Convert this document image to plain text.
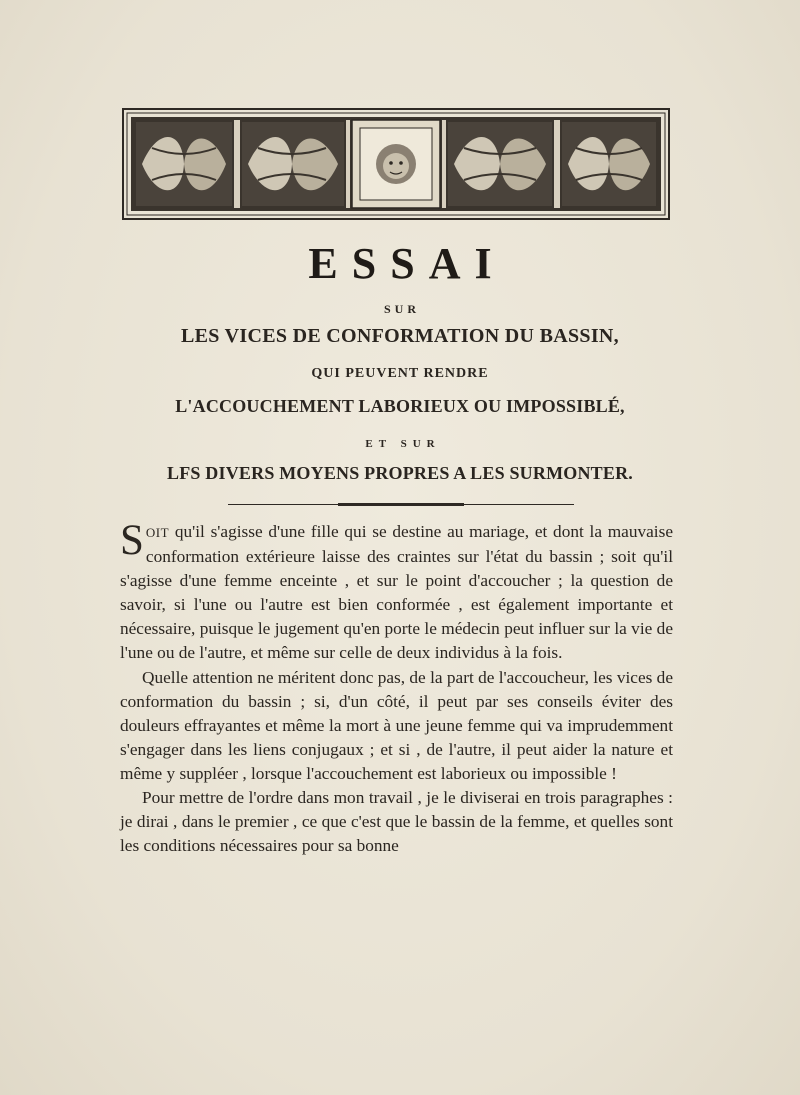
ESSAI
SUR
LES VICES DE CONFORMATION DU BASSIN,
QUI PEUVENT RENDRE
L'ACCOUCHEMENT LABORIEUX OU IMPOSSIBLÉ,
ET SUR
LFS DIVERS MOYENS PROPRES A LES SURMONTER.

SOIT qu'il s'agisse d'une fille qui se destine au mariage, et dont la mauvaise conformation extérieure laisse des craintes sur l'état du bassin ; soit qu'il s'agisse d'une femme enceinte , et sur le point d'accoucher ; la question de savoir, si l'une ou l'autre est bien conformée , est également importante et nécessaire, puisque le jugement qu'en porte le médecin peut influer sur la vie de l'une ou de l'autre, et même sur celle de deux individus à la fois.

Quelle attention ne méritent donc pas, de la part de l'accoucheur, les vices de conformation du bassin ; si, d'un côté, il peut par ses conseils éviter des douleurs effrayantes et même la mort à une jeune femme qui va imprudemment s'engager dans les liens conjugaux ; et si , de l'autre, il peut aider la nature et même y suppléer , lorsque l'accouchement est laborieux ou impossible !

Pour mettre de l'ordre dans mon travail , je le diviserai en trois paragraphes : je dirai , dans le premier , ce que c'est que le bassin de la femme, et quelles sont les conditions nécessaires pour sa bonne
